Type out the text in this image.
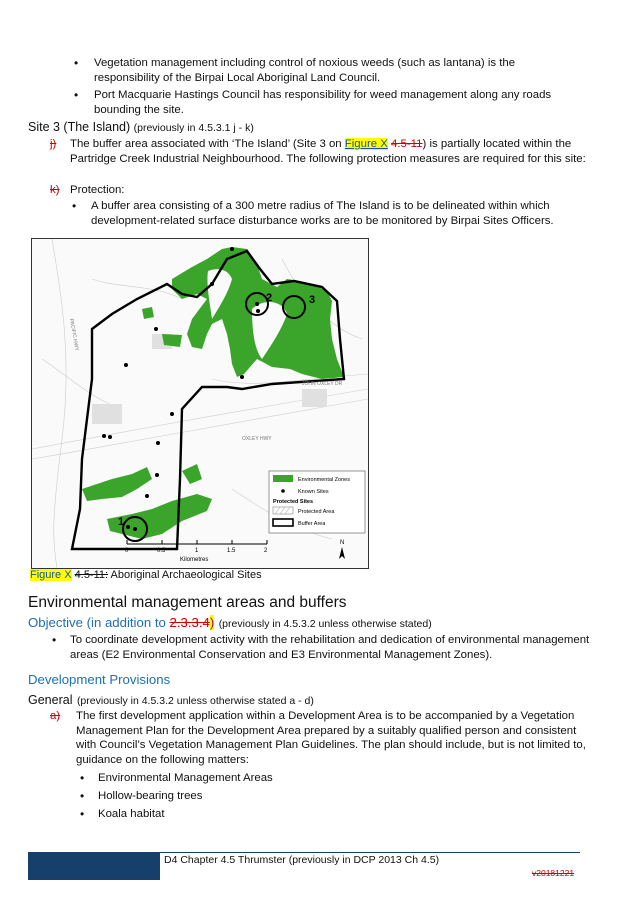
• Vegetation management including control of noxious weeds (such as lantana) is the responsibility of the Birpai Local Aboriginal Land Council.
• Port Macquarie Hastings Council has responsibility for weed management along any roads bounding the site.
Site 3 (The Island) (previously in 4.5.3.1 j - k)
j) The buffer area associated with ‘The Island’ (Site 3 on Figure X 4.5-11) is partially located within the Partridge Creek Industrial Neighbourhood. The following protection measures are required for this site:
k) Protection:
• A buffer area consisting of a 300 metre radius of The Island is to be delineated within which development-related surface disturbance works are to be monitored by Birpai Sites Officers.
2	3
1
PACIFIC HWY
OXLEY HWY
JOHN OXLEY DR
Environmental Zones
Known Sites
Protected Sites
Protected Area
Buffer Area
0	0.5	1	1.5	2
Kilometres
N
Figure X 4.5-11: Aboriginal Archaeological Sites
Environmental management areas and buffers
Objective (in addition to 2.3.3.4) (previously in 4.5.3.2 unless otherwise stated)
• To coordinate development activity with the rehabilitation and dedication of environmental management areas (E2 Environmental Conservation and E3 Environmental Management Zones).
Development Provisions
General (previously in 4.5.3.2 unless otherwise stated a - d)
a) The first development application within a Development Area is to be accompanied by a Vegetation Management Plan for the Development Area prepared by a suitably qualified person and consistent with Council’s Vegetation Management Plan Guidelines. The plan should include, but is not limited to, guidance on the following matters:
• Environmental Management Areas
• Hollow-bearing trees
• Koala habitat
D4 Chapter 4.5 Thrumster (previously in DCP 2013 Ch 4.5)
v20181221
